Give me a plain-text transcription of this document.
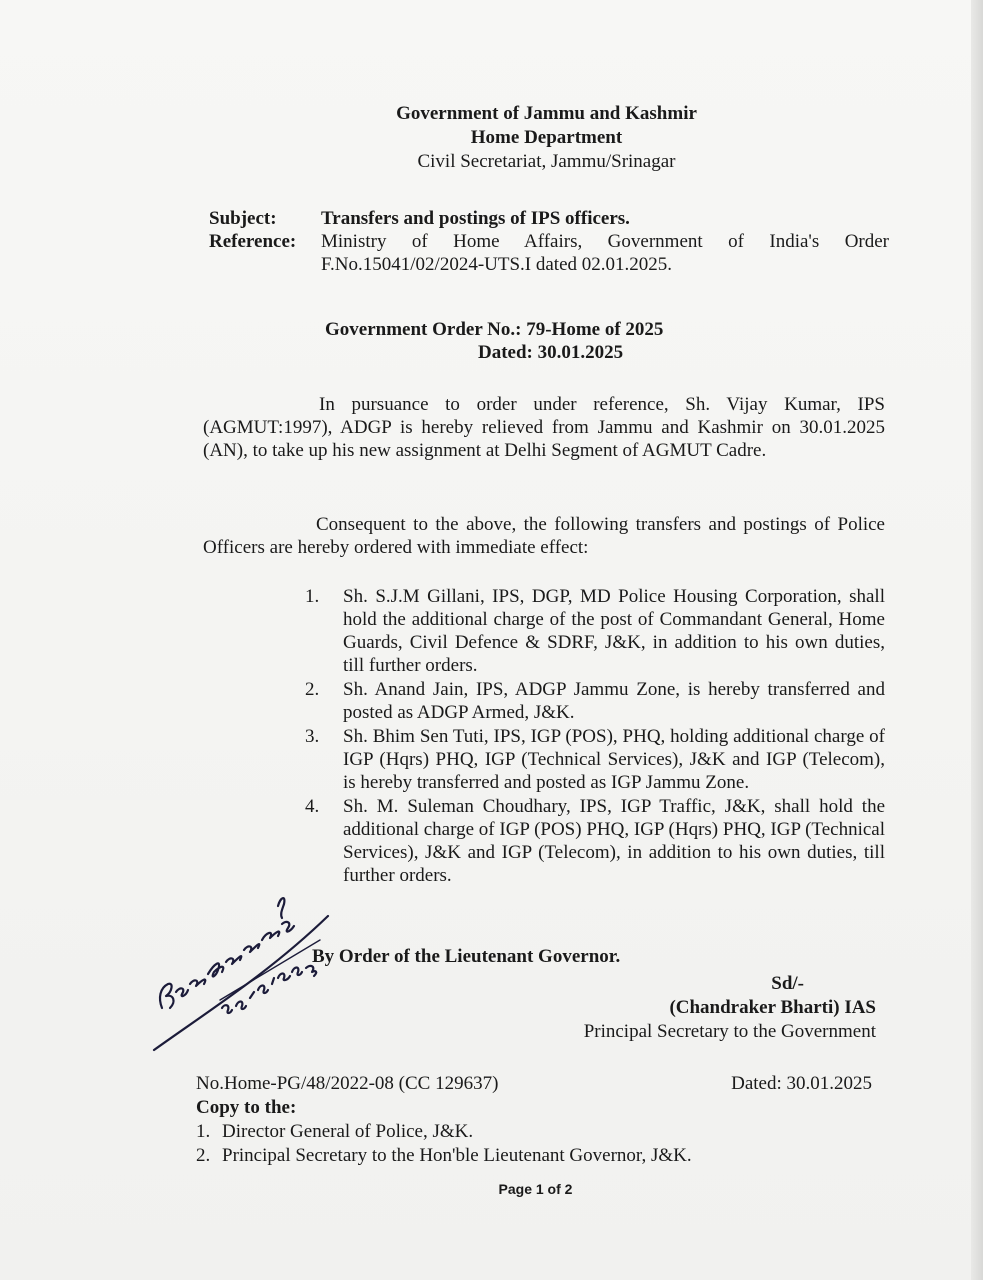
Government of Jammu and Kashmir
Home Department
Civil Secretariat, Jammu/Srinagar
Subject:	Transfers and postings of IPS officers.
Reference:	Ministry of Home Affairs, Government of India's Order
F.No.15041/02/2024-UTS.I dated 02.01.2025.
Government Order No.: 79-Home of 2025
Dated: 30.01.2025
In pursuance to order under reference, Sh. Vijay Kumar, IPS (AGMUT:1997), ADGP is hereby relieved from Jammu and Kashmir on 30.01.2025 (AN), to take up his new assignment at Delhi Segment of AGMUT Cadre.
Consequent to the above, the following transfers and postings of Police Officers are hereby ordered with immediate effect:
1.	Sh. S.J.M Gillani, IPS, DGP, MD Police Housing Corporation, shall hold the additional charge of the post of Commandant General, Home Guards, Civil Defence & SDRF, J&K, in addition to his own duties, till further orders.
2.	Sh. Anand Jain, IPS, ADGP Jammu Zone, is hereby transferred and posted as ADGP Armed, J&K.
3.	Sh. Bhim Sen Tuti, IPS, IGP (POS), PHQ, holding additional charge of IGP (Hqrs) PHQ, IGP (Technical Services), J&K and IGP (Telecom), is hereby transferred and posted as IGP Jammu Zone.
4.	Sh. M. Suleman Choudhary, IPS, IGP Traffic, J&K, shall hold the additional charge of IGP (POS) PHQ, IGP (Hqrs) PHQ, IGP (Technical Services), J&K and IGP (Telecom), in addition to his own duties, till further orders.
By Order of the Lieutenant Governor.
Sd/-
(Chandraker Bharti) IAS
Principal Secretary to the Government
No.Home-PG/48/2022-08 (CC 129637)	Dated: 30.01.2025
Copy to the:
1. Director General of Police, J&K.
2. Principal Secretary to the Hon'ble Lieutenant Governor, J&K.
Page 1 of 2
